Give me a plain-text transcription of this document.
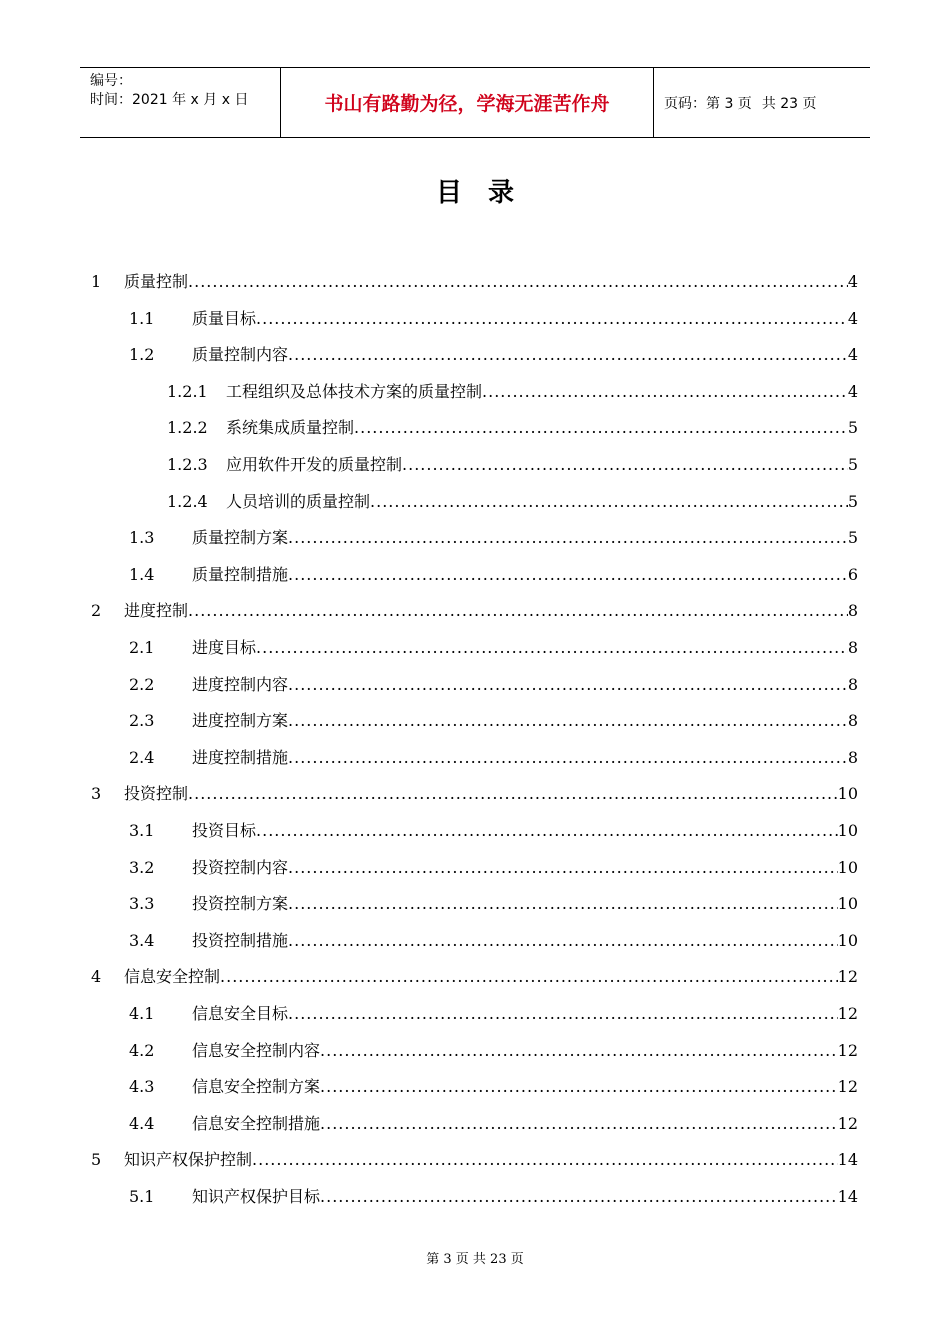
编号：
时间：2021 年 x 月 x 日	书山有路勤为径，学海无涯苦作舟	页码：第 3 页 共 23 页
目录
1 质量控制 .....	4
1.1 质量目标 .....	4
1.2 质量控制内容 .....	4
1.2.1 工程组织及总体技术方案的质量控制 .....	4
1.2.2 系统集成质量控制 .....	5
1.2.3 应用软件开发的质量控制 .....	5
1.2.4 人员培训的质量控制 .....	5
1.3 质量控制方案 .....	5
1.4 质量控制措施 .....	6
2 进度控制 .....	8
2.1 进度目标 .....	8
2.2 进度控制内容 .....	8
2.3 进度控制方案 .....	8
2.4 进度控制措施 .....	8
3 投资控制 .....	10
3.1 投资目标 .....	10
3.2 投资控制内容 .....	10
3.3 投资控制方案 .....	10
3.4 投资控制措施 .....	10
4 信息安全控制 .....	12
4.1 信息安全目标 .....	12
4.2 信息安全控制内容 .....	12
4.3 信息安全控制方案 .....	12
4.4 信息安全控制措施 .....	12
5 知识产权保护控制 .....	14
5.1 知识产权保护目标 .....	14
第 3 页 共 23 页
